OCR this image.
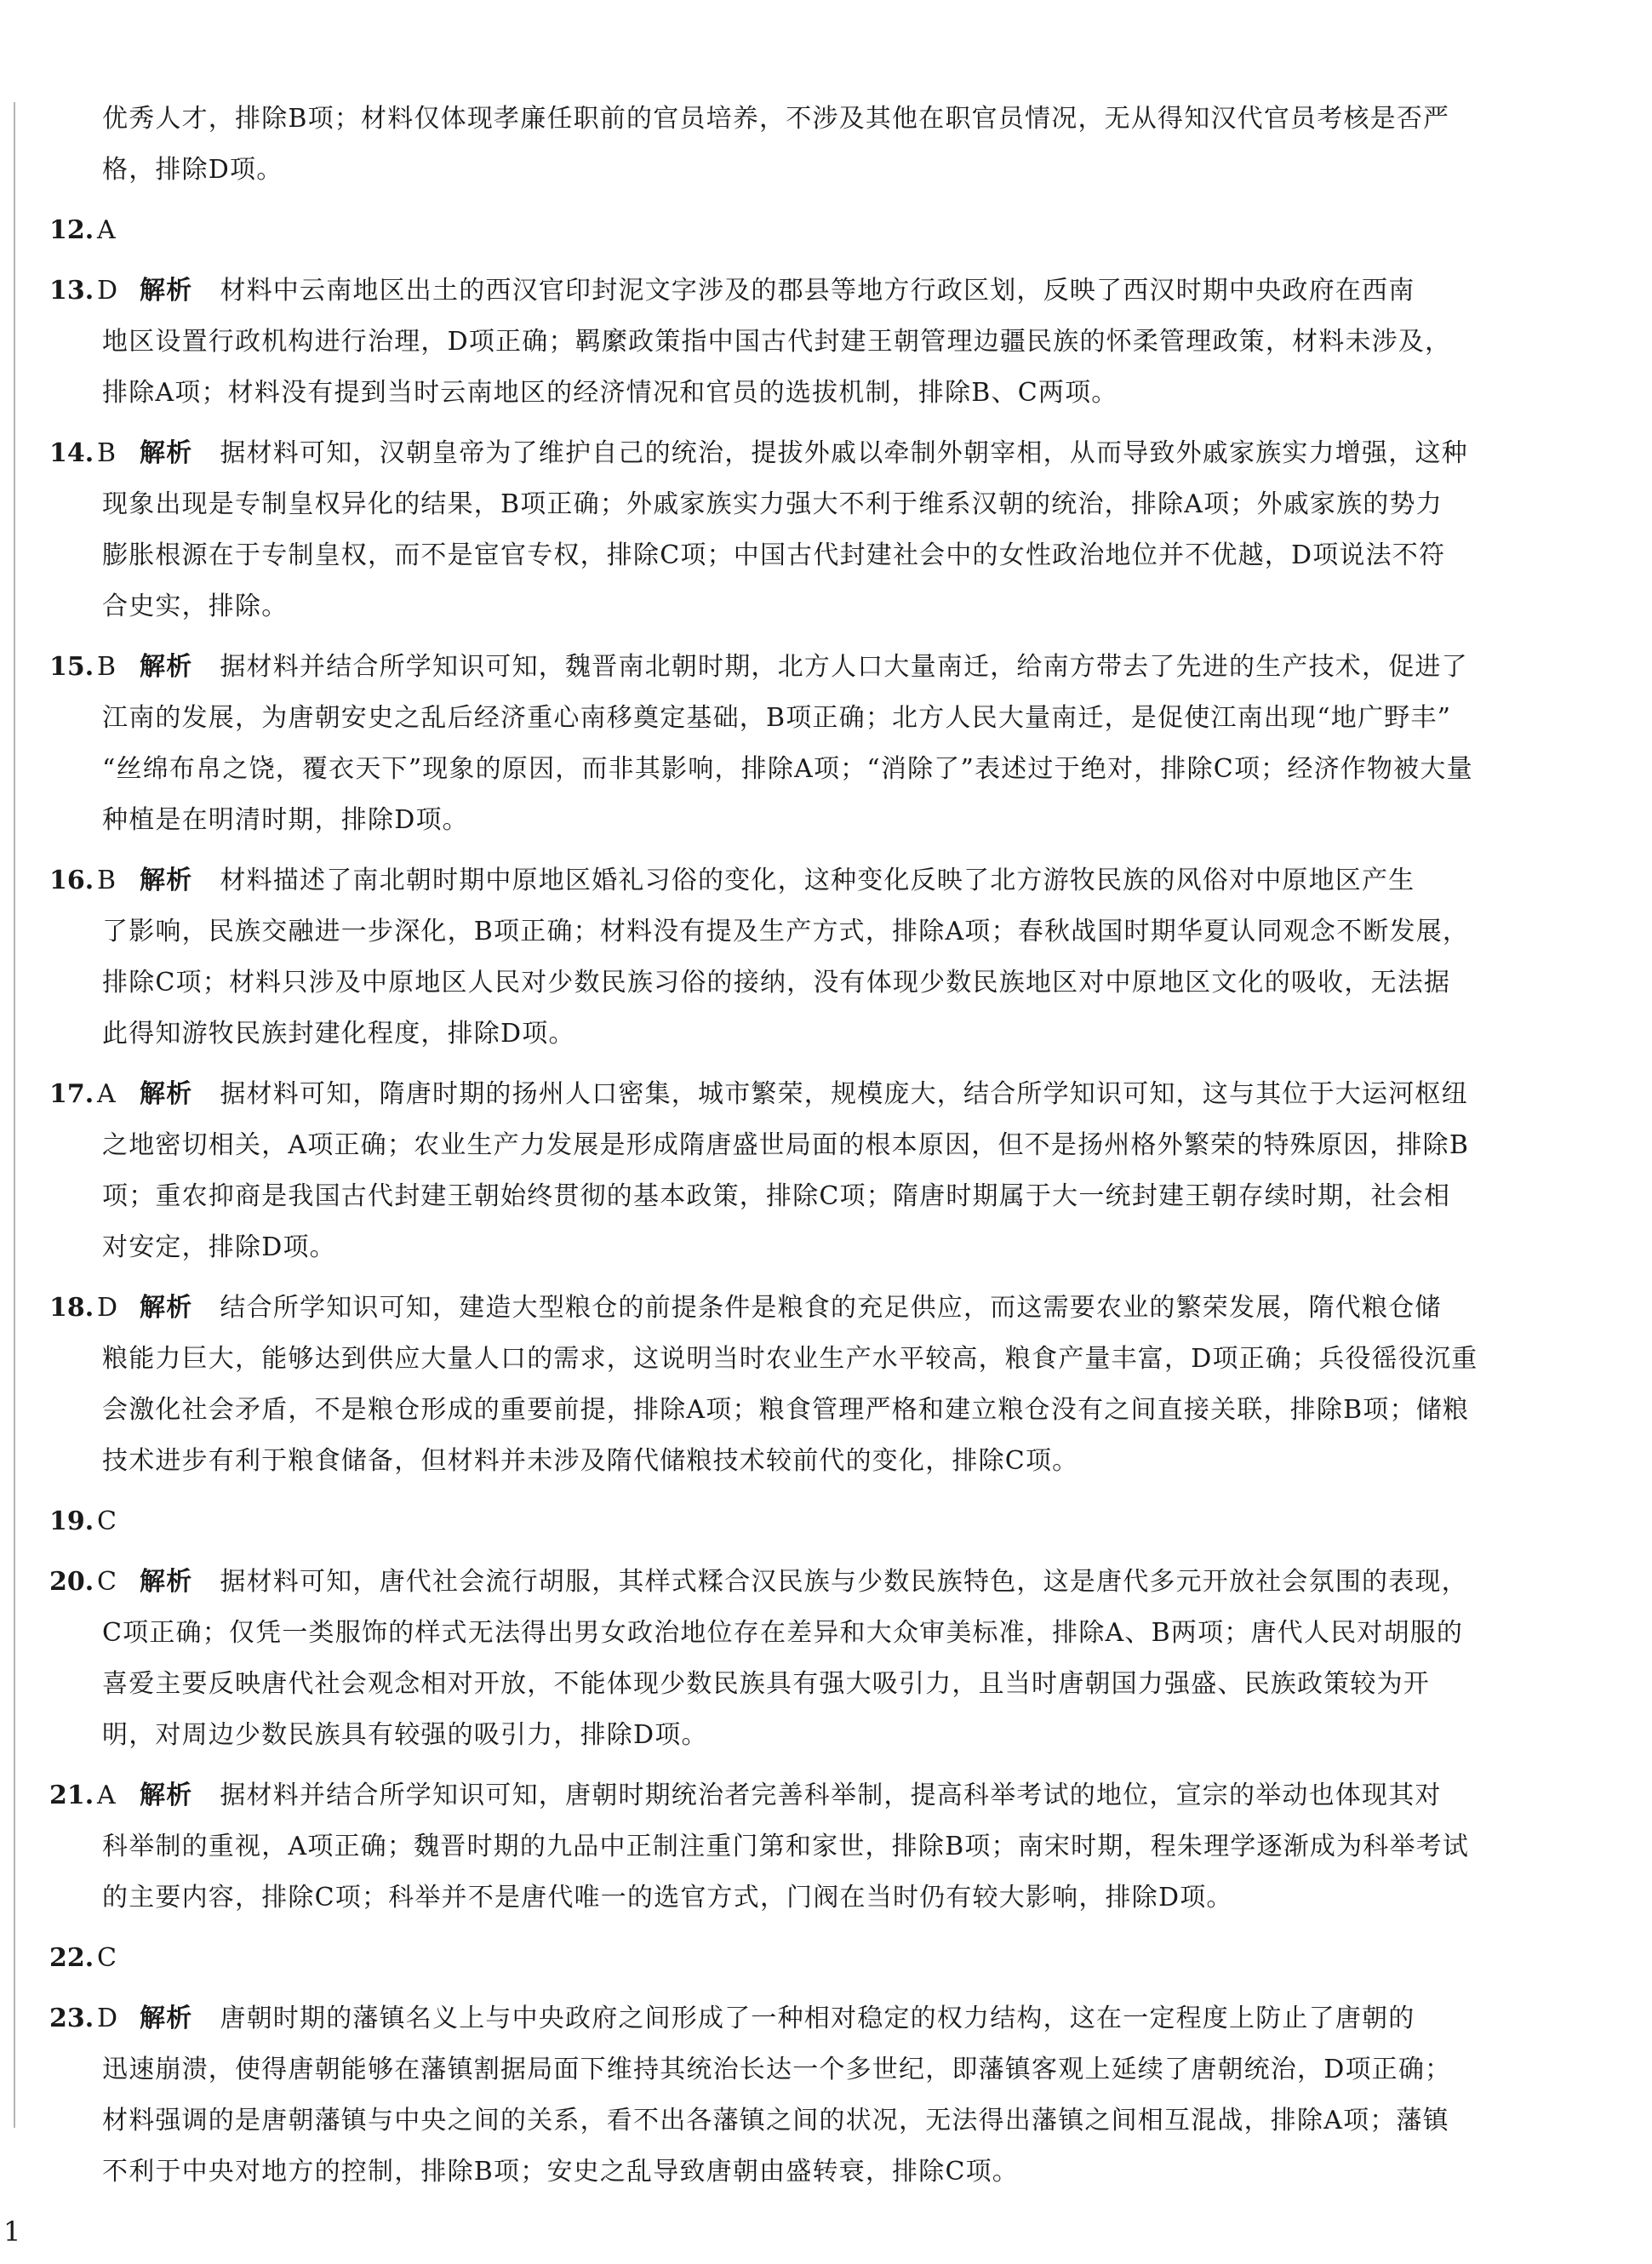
优秀人才，排除B项；材料仅体现孝廉任职前的官员培养，不涉及其他在职官员情况，无从得知汉代官员考核是否严
格，排除D项。
12. A
13. D 解析 材料中云南地区出土的西汉官印封泥文字涉及的郡县等地方行政区划，反映了西汉时期中央政府在西南
地区设置行政机构进行治理，D项正确；羁縻政策指中国古代封建王朝管理边疆民族的怀柔管理政策，材料未涉及，
排除A项；材料没有提到当时云南地区的经济情况和官员的选拔机制，排除B、C两项。
14. B 解析 据材料可知，汉朝皇帝为了维护自己的统治，提拔外戚以牵制外朝宰相，从而导致外戚家族实力增强，这种
现象出现是专制皇权异化的结果，B项正确；外戚家族实力强大不利于维系汉朝的统治，排除A项；外戚家族的势力
膨胀根源在于专制皇权，而不是宦官专权，排除C项；中国古代封建社会中的女性政治地位并不优越，D项说法不符
合史实，排除。
15. B 解析 据材料并结合所学知识可知，魏晋南北朝时期，北方人口大量南迁，给南方带去了先进的生产技术，促进了
江南的发展，为唐朝安史之乱后经济重心南移奠定基础，B项正确；北方人民大量南迁，是促使江南出现“地广野丰”
“丝绵布帛之饶，覆衣天下”现象的原因，而非其影响，排除A项；“消除了”表述过于绝对，排除C项；经济作物被大量
种植是在明清时期，排除D项。
16. B 解析 材料描述了南北朝时期中原地区婚礼习俗的变化，这种变化反映了北方游牧民族的风俗对中原地区产生
了影响，民族交融进一步深化，B项正确；材料没有提及生产方式，排除A项；春秋战国时期华夏认同观念不断发展，
排除C项；材料只涉及中原地区人民对少数民族习俗的接纳，没有体现少数民族地区对中原地区文化的吸收，无法据
此得知游牧民族封建化程度，排除D项。
17. A 解析 据材料可知，隋唐时期的扬州人口密集，城市繁荣，规模庞大，结合所学知识可知，这与其位于大运河枢纽
之地密切相关，A项正确；农业生产力发展是形成隋唐盛世局面的根本原因，但不是扬州格外繁荣的特殊原因，排除B
项；重农抑商是我国古代封建王朝始终贯彻的基本政策，排除C项；隋唐时期属于大一统封建王朝存续时期，社会相
对安定，排除D项。
18. D 解析 结合所学知识可知，建造大型粮仓的前提条件是粮食的充足供应，而这需要农业的繁荣发展，隋代粮仓储
粮能力巨大，能够达到供应大量人口的需求，这说明当时农业生产水平较高，粮食产量丰富，D项正确；兵役徭役沉重
会激化社会矛盾，不是粮仓形成的重要前提，排除A项；粮食管理严格和建立粮仓没有之间直接关联，排除B项；储粮
技术进步有利于粮食储备，但材料并未涉及隋代储粮技术较前代的变化，排除C项。
19. C
20. C 解析 据材料可知，唐代社会流行胡服，其样式糅合汉民族与少数民族特色，这是唐代多元开放社会氛围的表现，
C项正确；仅凭一类服饰的样式无法得出男女政治地位存在差异和大众审美标准，排除A、B两项；唐代人民对胡服的
喜爱主要反映唐代社会观念相对开放，不能体现少数民族具有强大吸引力，且当时唐朝国力强盛、民族政策较为开
明，对周边少数民族具有较强的吸引力，排除D项。
21. A 解析 据材料并结合所学知识可知，唐朝时期统治者完善科举制，提高科举考试的地位，宣宗的举动也体现其对
科举制的重视，A项正确；魏晋时期的九品中正制注重门第和家世，排除B项；南宋时期，程朱理学逐渐成为科举考试
的主要内容，排除C项；科举并不是唐代唯一的选官方式，门阀在当时仍有较大影响，排除D项。
22. C
23. D 解析 唐朝时期的藩镇名义上与中央政府之间形成了一种相对稳定的权力结构，这在一定程度上防止了唐朝的
迅速崩溃，使得唐朝能够在藩镇割据局面下维持其统治长达一个多世纪，即藩镇客观上延续了唐朝统治，D项正确；
材料强调的是唐朝藩镇与中央之间的关系，看不出各藩镇之间的状况，无法得出藩镇之间相互混战，排除A项；藩镇
不利于中央对地方的控制，排除B项；安史之乱导致唐朝由盛转衰，排除C项。
1
